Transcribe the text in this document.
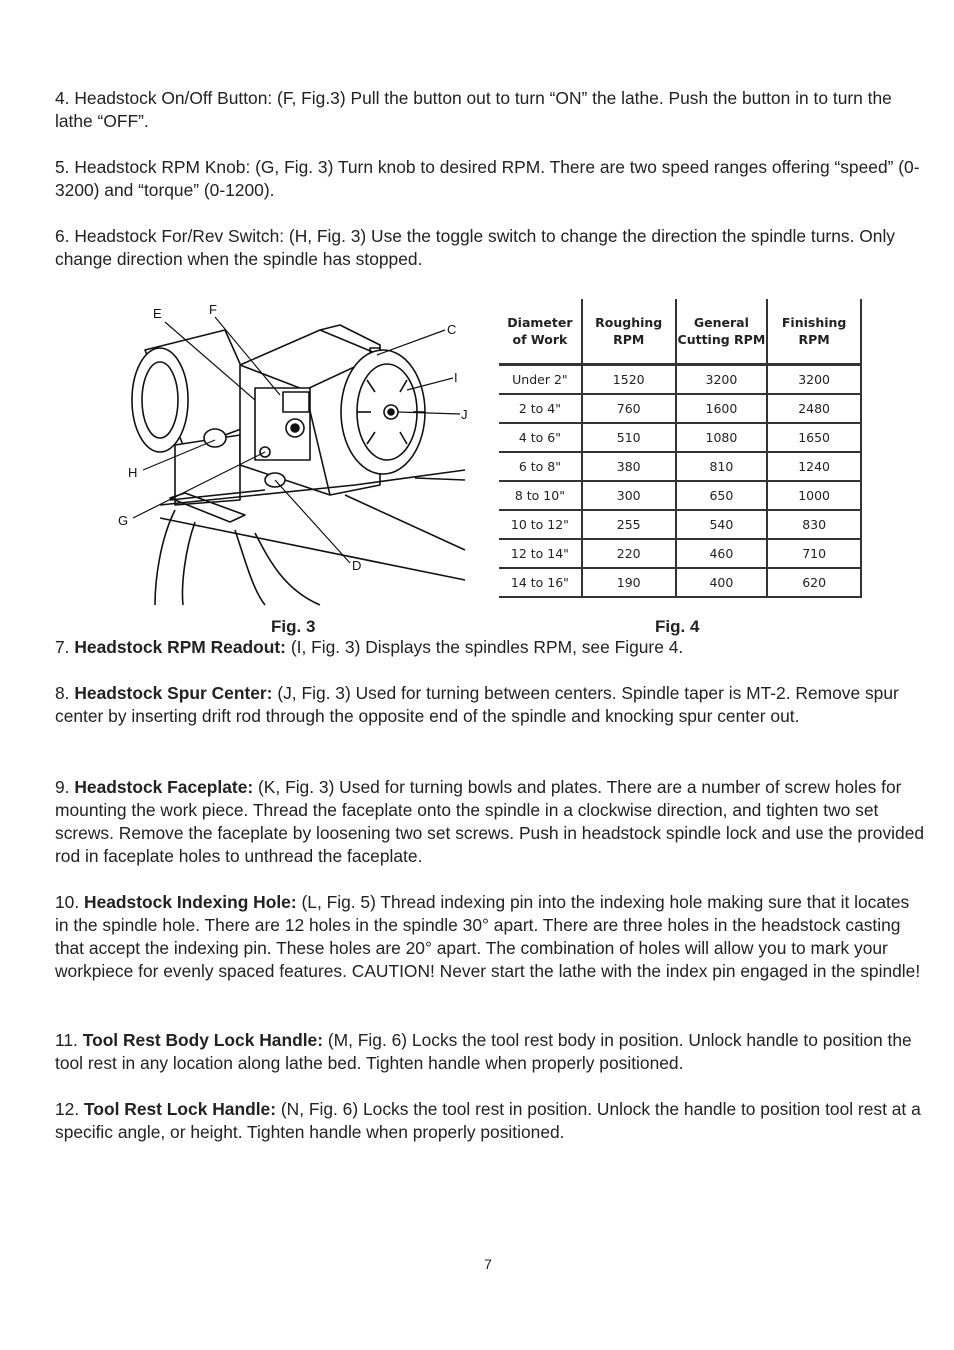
4. Headstock On/Off Button: (F, Fig.3) Pull the button out to turn “ON” the lathe. Push the button in to turn the lathe “OFF”.

5. Headstock RPM Knob: (G, Fig. 3) Turn knob to desired RPM. There are two speed ranges offering “speed” (0-3200) and “torque” (0-1200).

6. Headstock For/Rev Switch: (H, Fig. 3) Use the toggle switch to change the direction the spindle turns. Only change direction when the spindle has stopped.

E	F
C
I
J
H
G
D
Diameter of Work	Roughing RPM	General Cutting RPM	Finishing RPM
Under 2"	1520	3200	3200
2 to 4"	760	1600	2480
4 to 6"	510	1080	1650
6 to 8"	380	810	1240
8 to 10"	300	650	1000
10 to 12"	255	540	830
12 to 14"	220	460	710
14 to 16"	190	400	620
Fig. 3	Fig. 4

7. Headstock RPM Readout: (I, Fig. 3) Displays the spindles RPM, see Figure 4.

8. Headstock Spur Center: (J, Fig. 3) Used for turning between centers. Spindle taper is MT-2. Remove spur center by inserting drift rod through the opposite end of the spindle and knocking spur center out.

9. Headstock Faceplate: (K, Fig. 3) Used for turning bowls and plates. There are a number of screw holes for mounting the work piece. Thread the faceplate onto the spindle in a clockwise direction, and tighten two set screws. Remove the faceplate by loosening two set screws. Push in headstock spindle lock and use the provided rod in faceplate holes to unthread the faceplate.

10. Headstock Indexing Hole: (L, Fig. 5) Thread indexing pin into the indexing hole making sure that it locates in the spindle hole. There are 12 holes in the spindle 30° apart. There are three holes in the headstock casting that accept the indexing pin. These holes are 20° apart. The combination of holes will allow you to mark your workpiece for evenly spaced features. CAUTION! Never start the lathe with the index pin engaged in the spindle!

11. Tool Rest Body Lock Handle: (M, Fig. 6) Locks the tool rest body in position. Unlock handle to position the tool rest in any location along lathe bed. Tighten handle when properly positioned.

12. Tool Rest Lock Handle: (N, Fig. 6) Locks the tool rest in position. Unlock the handle to position tool rest at a specific angle, or height. Tighten handle when properly positioned.

7
